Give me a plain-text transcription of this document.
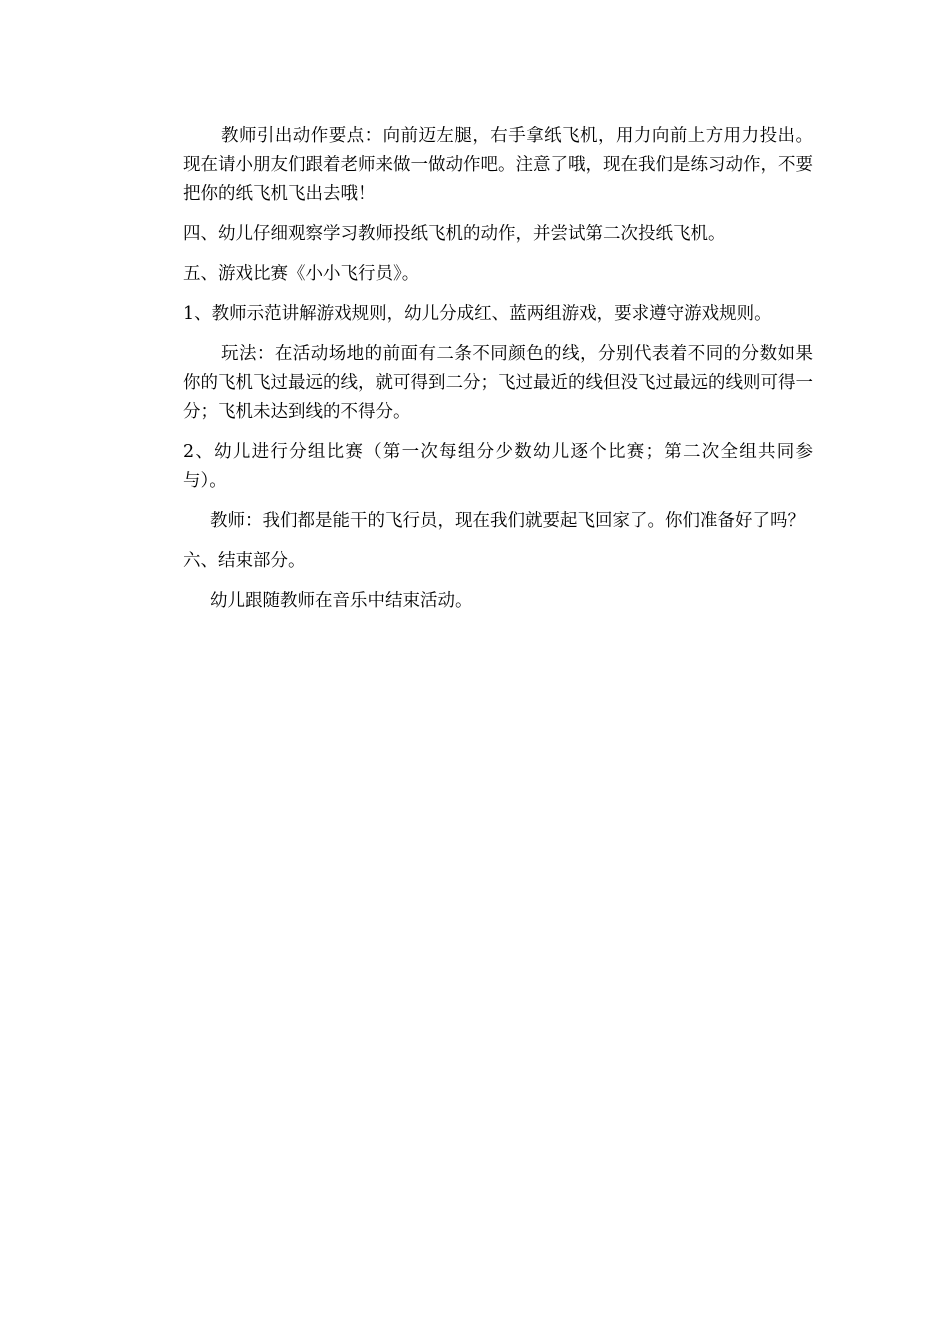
教师引出动作要点：向前迈左腿，右手拿纸飞机，用力向前上方用力投出。现在请小朋友们跟着老师来做一做动作吧。注意了哦，现在我们是练习动作，不要把你的纸飞机飞出去哦！

四、幼儿仔细观察学习教师投纸飞机的动作，并尝试第二次投纸飞机。

五、游戏比赛《小小飞行员》。

1、教师示范讲解游戏规则，幼儿分成红、蓝两组游戏，要求遵守游戏规则。

玩法：在活动场地的前面有二条不同颜色的线，分别代表着不同的分数如果你的飞机飞过最远的线，就可得到二分；飞过最近的线但没飞过最远的线则可得一分；飞机未达到线的不得分。

2、幼儿进行分组比赛（第一次每组分少数幼儿逐个比赛；第二次全组共同参与）。

教师：我们都是能干的飞行员，现在我们就要起飞回家了。你们准备好了吗？

六、结束部分。

幼儿跟随教师在音乐中结束活动。
